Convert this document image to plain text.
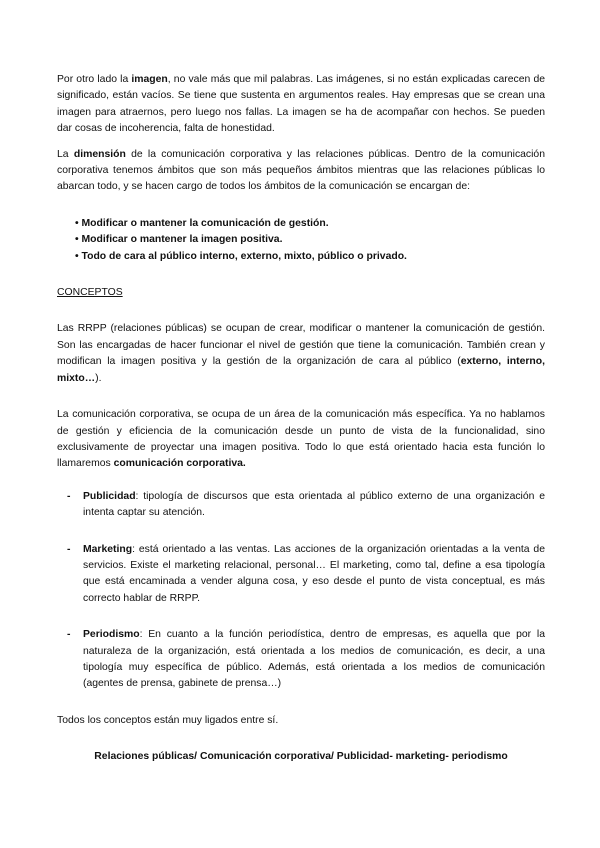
Por otro lado la imagen, no vale más que mil palabras. Las imágenes, si no están explicadas carecen de significado, están vacíos. Se tiene que sustenta en argumentos reales. Hay empresas que se crean una imagen para atraernos, pero luego nos fallas. La imagen se ha de acompañar con hechos. Se pueden dar cosas de incoherencia, falta de honestidad.

La dimensión de la comunicación corporativa y las relaciones públicas. Dentro de la comunicación corporativa tenemos ámbitos que son más pequeños ámbitos mientras que las relaciones públicas lo abarcan todo, y se hacen cargo de todos los ámbitos de la comunicación se encargan de:

• Modificar o mantener la comunicación de gestión.
• Modificar o mantener la imagen positiva.
• Todo de cara al público interno, externo, mixto, público o privado.

CONCEPTOS

Las RRPP (relaciones públicas) se ocupan de crear, modificar o mantener la comunicación de gestión. Son las encargadas de hacer funcionar el nivel de gestión que tiene la comunicación. También crean y modifican la imagen positiva y la gestión de la organización de cara al público (externo, interno, mixto…).

La comunicación corporativa, se ocupa de un área de la comunicación más específica. Ya no hablamos de gestión y eficiencia de la comunicación desde un punto de vista de la funcionalidad, sino exclusivamente de proyectar una imagen positiva. Todo lo que está orientado hacia esta función lo llamaremos comunicación corporativa.

-	Publicidad: tipología de discursos que esta orientada al público externo de una organización e intenta captar su atención.

-	Marketing: está orientado a las ventas. Las acciones de la organización orientadas a la venta de servicios. Existe el marketing relacional, personal… El marketing, como tal, define a esa tipología que está encaminada a vender alguna cosa, y eso desde el punto de vista conceptual, es más correcto hablar de RRPP.

-	Periodismo: En cuanto a la función periodística, dentro de empresas, es aquella que por la naturaleza de la organización, está orientada a los medios de comunicación, es decir, a una tipología muy específica de público. Además, está orientada a los medios de comunicación (agentes de prensa, gabinete de prensa…)

Todos los conceptos están muy ligados entre sí.

Relaciones públicas/ Comunicación corporativa/ Publicidad- marketing- periodismo
